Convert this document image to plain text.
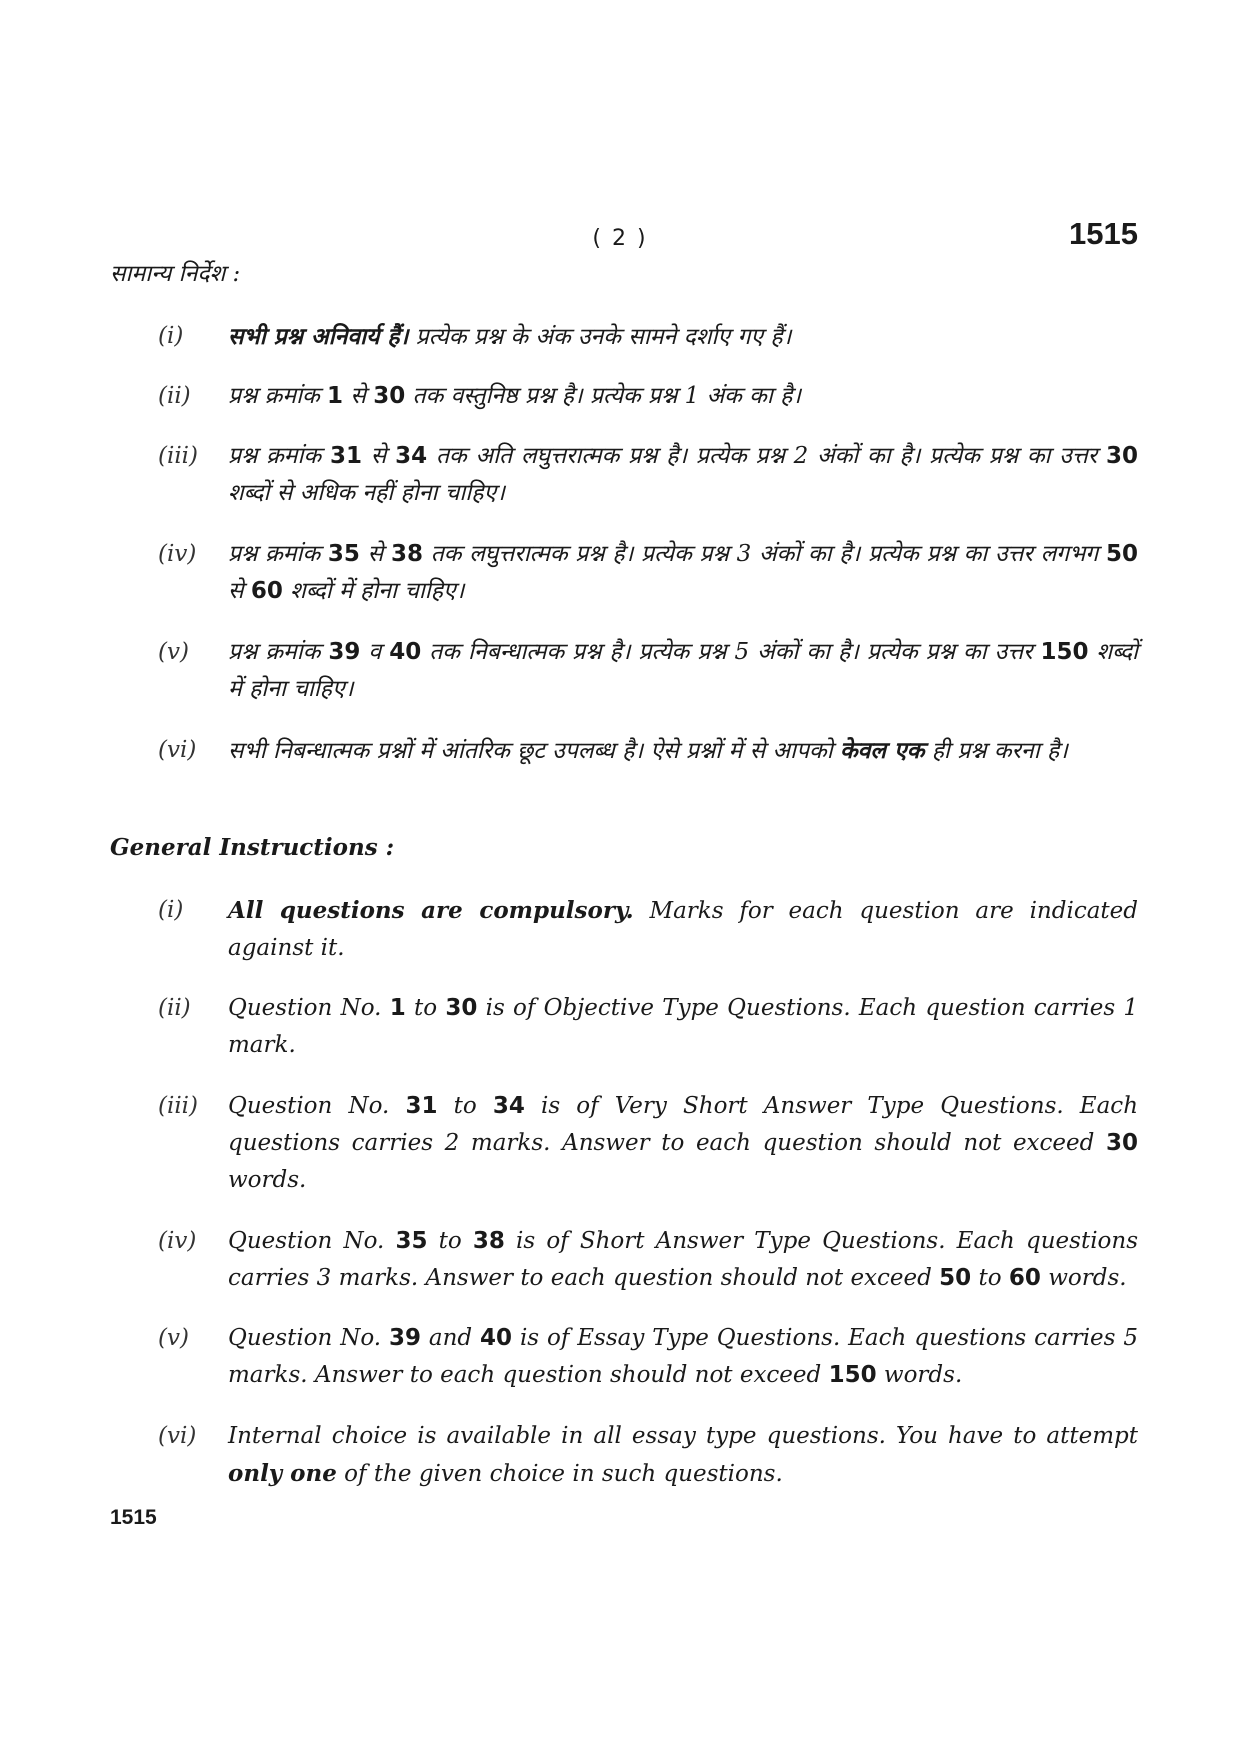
( 2 )	1515
सामान्य निर्देश :
(i)	सभी प्रश्न अनिवार्य हैं। प्रत्येक प्रश्न के अंक उनके सामने दर्शाए गए हैं।
(ii)	प्रश्न क्रमांक 1 से 30 तक वस्तुनिष्ठ प्रश्न है। प्रत्येक प्रश्न 1 अंक का है।
(iii)	प्रश्न क्रमांक 31 से 34 तक अति लघुत्तरात्मक प्रश्न है। प्रत्येक प्रश्न 2 अंकों का है। प्रत्येक प्रश्न का उत्तर 30 शब्दों से अधिक नहीं होना चाहिए।
(iv)	प्रश्न क्रमांक 35 से 38 तक लघुत्तरात्मक प्रश्न है। प्रत्येक प्रश्न 3 अंकों का है। प्रत्येक प्रश्न का उत्तर लगभग 50 से 60 शब्दों में होना चाहिए।
(v)	प्रश्न क्रमांक 39 व 40 तक निबन्धात्मक प्रश्न है। प्रत्येक प्रश्न 5 अंकों का है। प्रत्येक प्रश्न का उत्तर 150 शब्दों में होना चाहिए।
(vi)	सभी निबन्धात्मक प्रश्नों में आंतरिक छूट उपलब्ध है। ऐसे प्रश्नों में से आपको केवल एक ही प्रश्न करना है।
General Instructions :
(i)	All questions are compulsory. Marks for each question are indicated against it.
(ii)	Question No. 1 to 30 is of Objective Type Questions. Each question carries 1 mark.
(iii)	Question No. 31 to 34 is of Very Short Answer Type Questions. Each questions carries 2 marks. Answer to each question should not exceed 30 words.
(iv)	Question No. 35 to 38 is of Short Answer Type Questions. Each questions carries 3 marks. Answer to each question should not exceed 50 to 60 words.
(v)	Question No. 39 and 40 is of Essay Type Questions. Each questions carries 5 marks. Answer to each question should not exceed 150 words.
(vi)	Internal choice is available in all essay type questions. You have to attempt only one of the given choice in such questions.
1515
